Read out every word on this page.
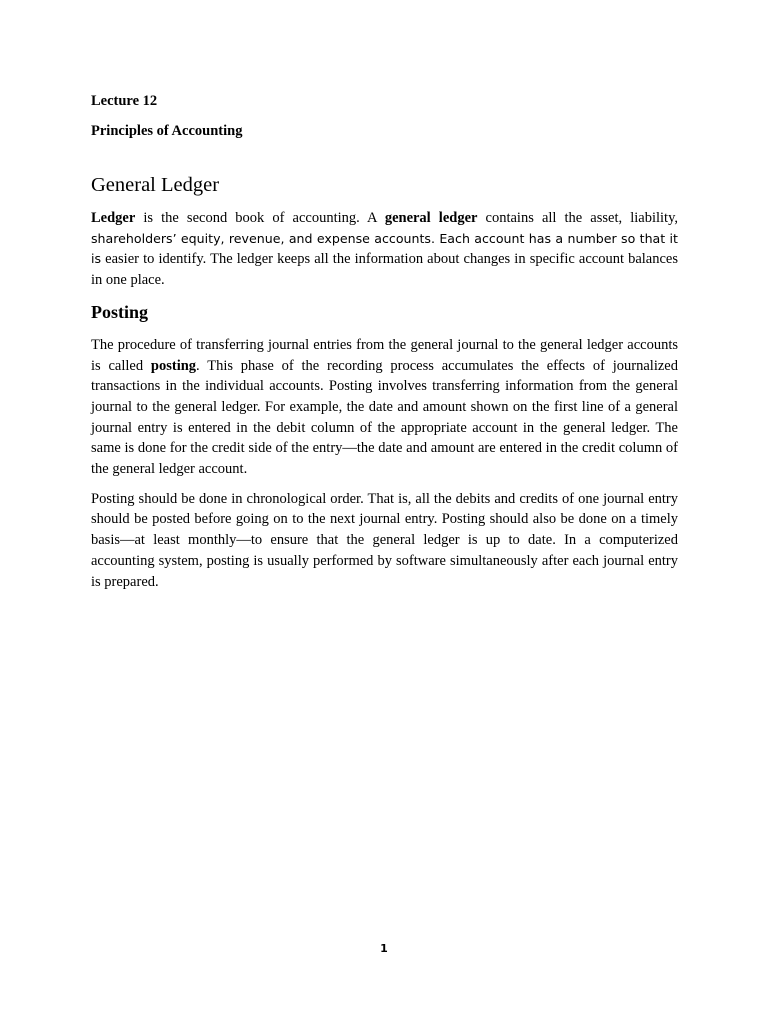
Lecture 12

Principles of Accounting

General Ledger

Ledger is the second book of accounting. A general ledger contains all the asset, liability, shareholders’ equity, revenue, and expense accounts. Each account has a number so that it is easier to identify. The ledger keeps all the information about changes in specific account balances in one place.

Posting

The procedure of transferring journal entries from the general journal to the general ledger accounts is called posting. This phase of the recording process accumulates the effects of journalized transactions in the individual accounts. Posting involves transferring information from the general journal to the general ledger. For example, the date and amount shown on the first line of a general journal entry is entered in the debit column of the appropriate account in the general ledger. The same is done for the credit side of the entry—the date and amount are entered in the credit column of the general ledger account.

Posting should be done in chronological order. That is, all the debits and credits of one journal entry should be posted before going on to the next journal entry. Posting should also be done on a timely basis—at least monthly—to ensure that the general ledger is up to date. In a computerized accounting system, posting is usually performed by software simultaneously after each journal entry is prepared.

1
